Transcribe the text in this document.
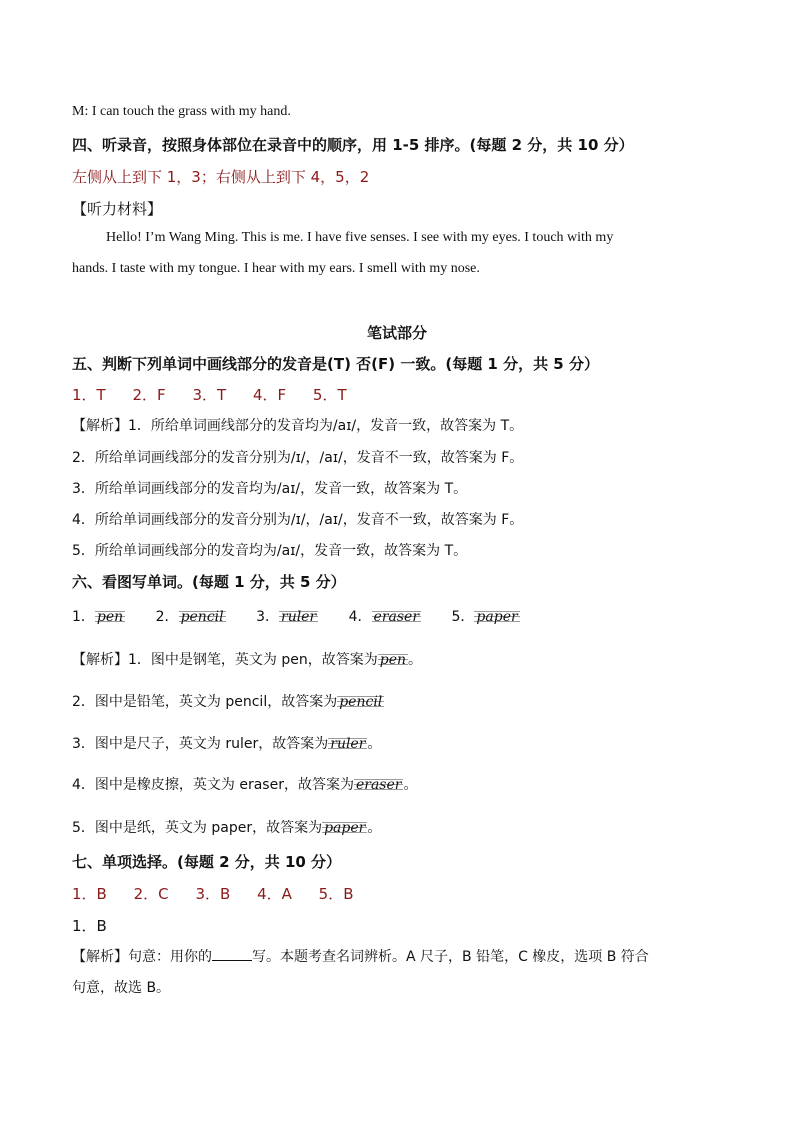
M: I can touch the grass with my hand.
四、听录音，按照身体部位在录音中的顺序，用 1-5 排序。(每题 2 分，共 10 分）
左侧从上到下 1，3；右侧从上到下 4，5，2
【听力材料】
Hello! I’m Wang Ming. This is me. I have five senses. I see with my eyes. I touch with my
hands. I taste with my tongue. I hear with my ears. I smell with my nose.
笔试部分
五、判断下列单词中画线部分的发音是(T) 否(F) 一致。(每题 1 分，共 5 分）
1．T 2．F 3．T 4．F 5．T
【解析】1．所给单词画线部分的发音均为/aɪ/，发音一致，故答案为 T。
2．所给单词画线部分的发音分别为/ɪ/，/aɪ/，发音不一致，故答案为 F。
3．所给单词画线部分的发音均为/aɪ/，发音一致，故答案为 T。
4．所给单词画线部分的发音分别为/ɪ/，/aɪ/，发音不一致，故答案为 F。
5．所给单词画线部分的发音均为/aɪ/，发音一致，故答案为 T。
六、看图写单词。(每题 1 分，共 5 分）
1． pen 2． pencil 3． ruler 4． eraser 5． paper
【解析】1．图中是钢笔，英文为 pen，故答案为 pen 。
2．图中是铅笔，英文为 pencil，故答案为 pencil
3．图中是尺子，英文为 ruler，故答案为 ruler 。
4．图中是橡皮擦，英文为 eraser，故答案为 eraser 。
5．图中是纸，英文为 paper，故答案为 paper 。
七、单项选择。(每题 2 分，共 10 分）
1．B 2．C 3．B 4．A 5．B
1．B
【解析】句意：用你的	写。本题考查名词辨析。A 尺子，B 铅笔，C 橡皮，选项 B 符合
句意，故选 B。
